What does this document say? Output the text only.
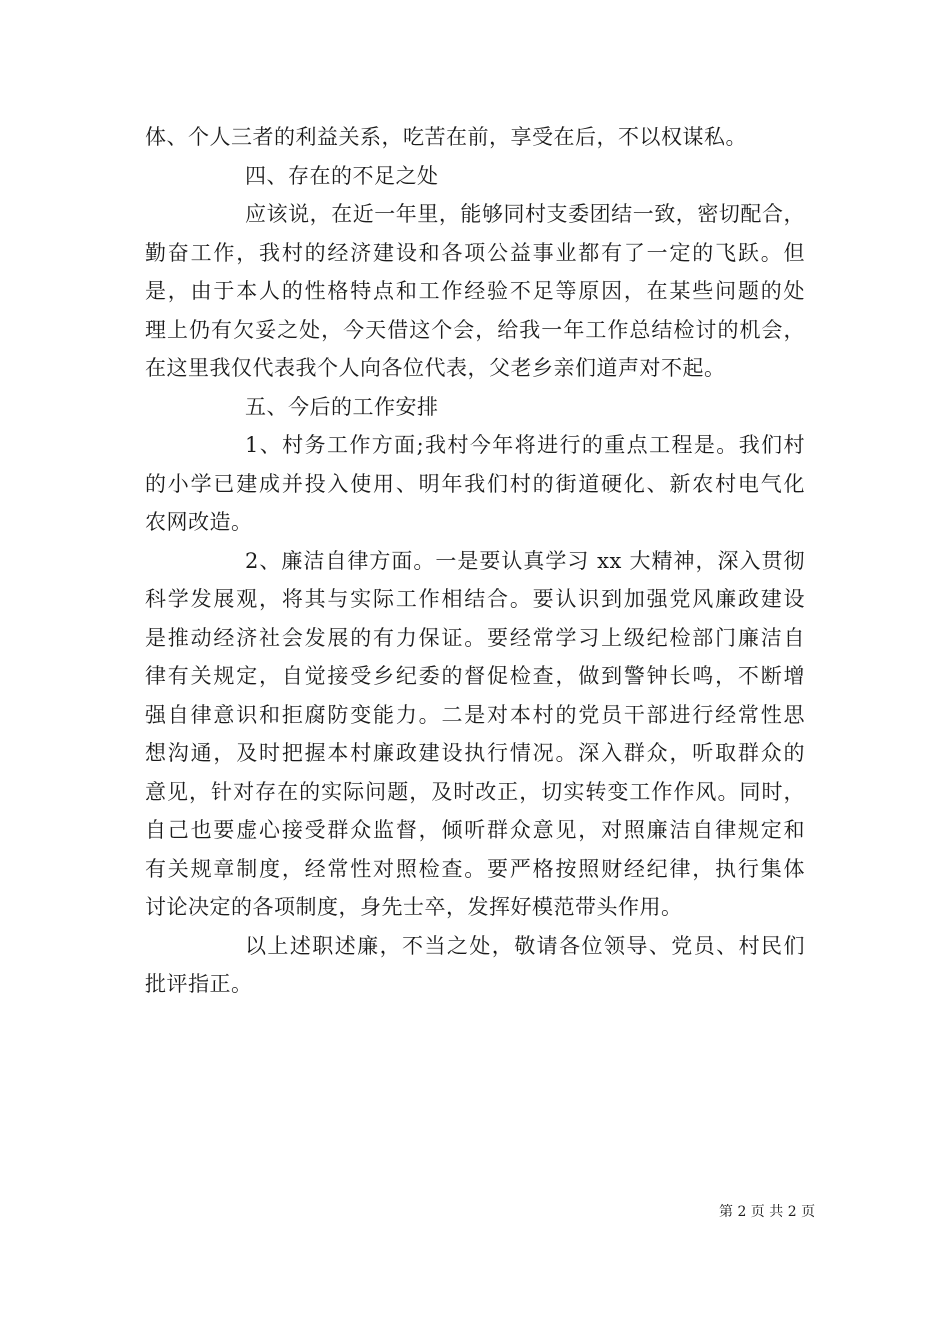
体、个人三者的利益关系，吃苦在前，享受在后，不以权谋私。
四、存在的不足之处
应该说，在近一年里，能够同村支委团结一致，密切配合，
勤奋工作，我村的经济建设和各项公益事业都有了一定的飞跃。但
是，由于本人的性格特点和工作经验不足等原因，在某些问题的处
理上仍有欠妥之处，今天借这个会，给我一年工作总结检讨的机会，
在这里我仅代表我个人向各位代表，父老乡亲们道声对不起。
五、今后的工作安排
1、村务工作方面;我村今年将进行的重点工程是。我们村
的小学已建成并投入使用、明年我们村的街道硬化、新农村电气化
农网改造。
2、廉洁自律方面。一是要认真学习 xx 大精神，深入贯彻
科学发展观，将其与实际工作相结合。要认识到加强党风廉政建设
是推动经济社会发展的有力保证。要经常学习上级纪检部门廉洁自
律有关规定，自觉接受乡纪委的督促检查，做到警钟长鸣，不断增
强自律意识和拒腐防变能力。二是对本村的党员干部进行经常性思
想沟通，及时把握本村廉政建设执行情况。深入群众，听取群众的
意见，针对存在的实际问题，及时改正，切实转变工作作风。同时，
自己也要虚心接受群众监督，倾听群众意见，对照廉洁自律规定和
有关规章制度，经常性对照检查。要严格按照财经纪律，执行集体
讨论决定的各项制度，身先士卒，发挥好模范带头作用。
以上述职述廉，不当之处，敬请各位领导、党员、村民们
批评指正。
第 2 页 共 2 页
